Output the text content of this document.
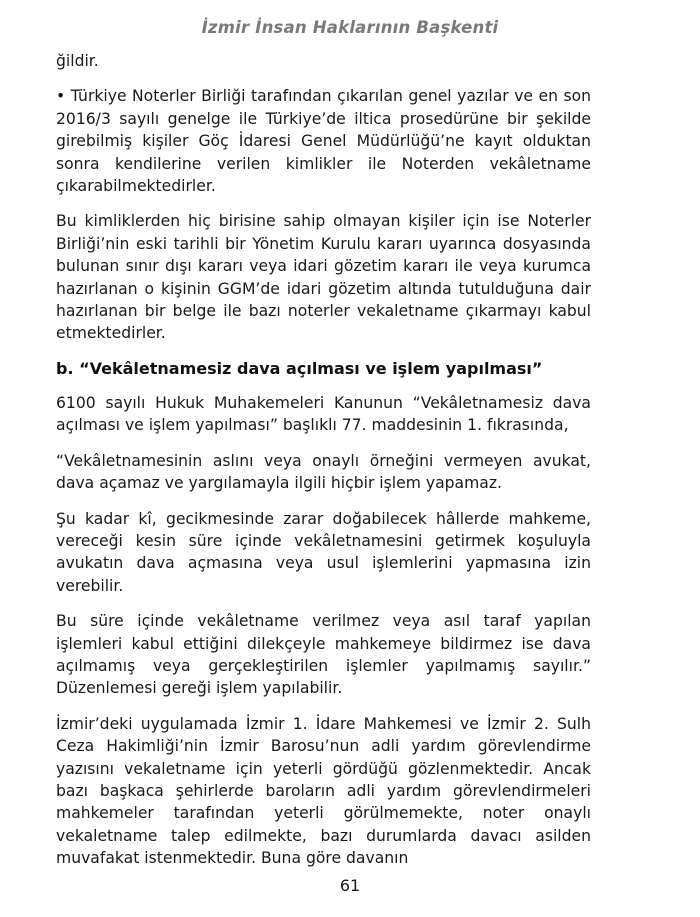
İzmir İnsan Haklarının Başkenti

ğildir.

• Türkiye Noterler Birliği tarafından çıkarılan genel yazılar ve en son 2016/3 sayılı genelge ile Türkiye’de iltica prosedürüne bir şekilde girebilmiş kişiler Göç İdaresi Genel Müdürlüğü’ne kayıt olduktan sonra kendilerine verilen kimlikler ile Noterden vekâletname çıkarabilmektedirler.

Bu kimliklerden hiç birisine sahip olmayan kişiler için ise Noterler Birliği’nin eski tarihli bir Yönetim Kurulu kararı uyarınca dosyasında bulunan sınır dışı kararı veya idari gözetim kararı ile veya kurumca hazırlanan o kişinin GGM’de idari gözetim altında tutulduğuna dair hazırlanan bir belge ile bazı noterler vekaletname çıkarmayı kabul etmektedirler.

b. “Vekâletnamesiz dava açılması ve işlem yapılması”

6100 sayılı Hukuk Muhakemeleri Kanunun “Vekâletnamesiz dava açılması ve işlem yapılması” başlıklı 77. maddesinin 1. fıkrasında,

“Vekâletnamesinin aslını veya onaylı örneğini vermeyen avukat, dava açamaz ve yargılamayla ilgili hiçbir işlem yapamaz.

Şu kadar kî, gecikmesinde zarar doğabilecek hâllerde mahkeme, vereceği kesin süre içinde vekâletnamesini getirmek koşuluyla avukatın dava açmasına veya usul işlemlerini yapmasına izin verebilir.

Bu süre içinde vekâletname verilmez veya asıl taraf yapılan işlemleri kabul ettiğini dilekçeyle mahkemeye bildirmez ise dava açılmamış veya gerçekleştirilen işlemler yapılmamış sayılır.” Düzenlemesi gereği işlem yapılabilir.

İzmir’deki uygulamada İzmir 1. İdare Mahkemesi ve İzmir 2. Sulh Ceza Hakimliği’nin İzmir Barosu’nun adli yardım görevlendirme yazısını vekaletname için yeterli gördüğü gözlenmektedir. Ancak bazı başkaca şehirlerde baroların adli yardım görevlendirmeleri mahkemeler tarafından yeterli görülmemekte, noter onaylı vekaletname talep edilmekte, bazı durumlarda davacı asilden muvafakat istenmektedir. Buna göre davanın

61
